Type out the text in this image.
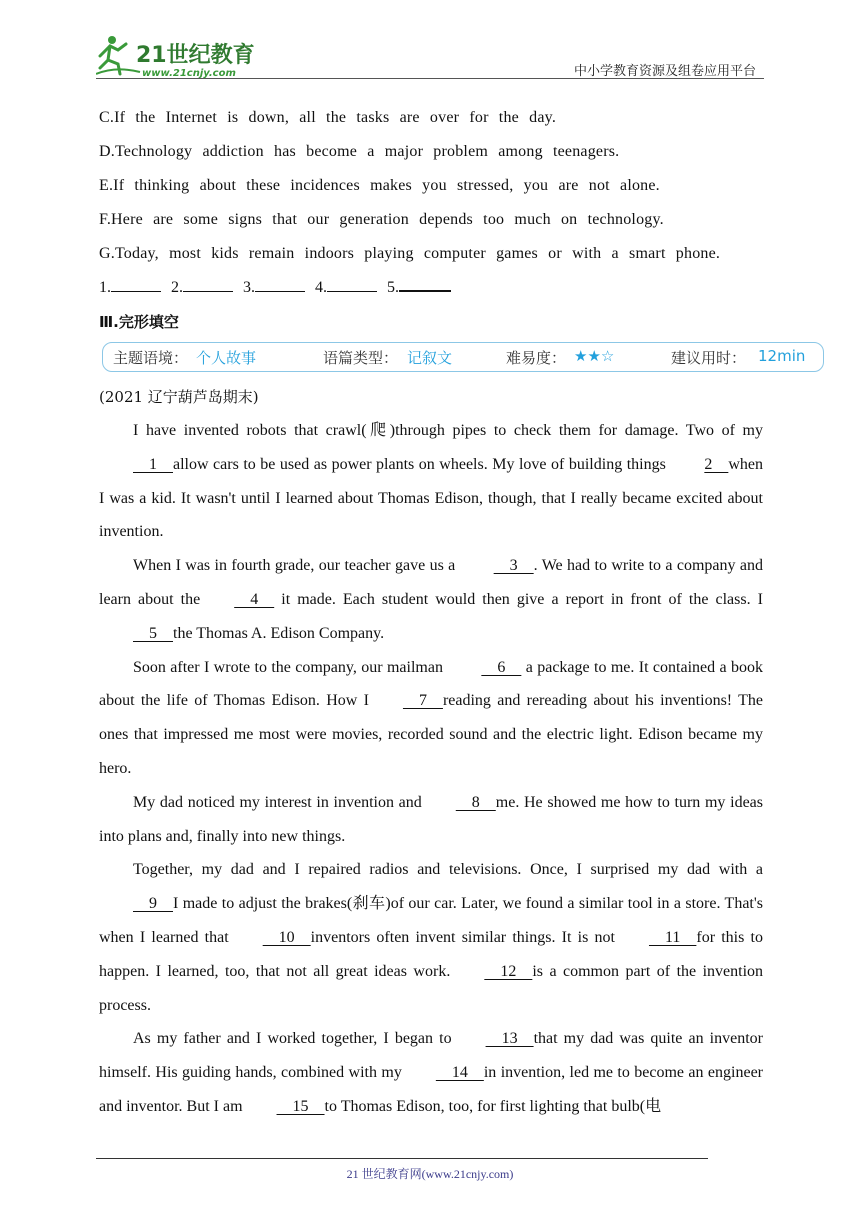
21世纪教育
www.21cnjy.com	中小学教育资源及组卷应用平台
C.If the Internet is down, all the tasks are over for the day.
D.Technology addiction has become a major problem among teenagers.
E.If thinking about these incidences makes you stressed, you are not alone.
F.Here are some signs that our generation depends too much on technology.
G.Today, most kids remain indoors playing computer games or with a smart phone.
1.	2.	3.	4.	5.
Ⅲ.完形填空
主题语境： 个人故事	语篇类型： 记叙文	难易度： ★★☆	建议用时： 12min
(2021 辽宁葫芦岛期末)

I have invented robots that crawl(爬)through pipes to check them for damage. Two of my    1    allow cars to be used as power plants on wheels. My love of building things 2    when I was a kid. It wasn't until I learned about Thomas Edison, though, that I really became excited about invention.

When I was in fourth grade, our teacher gave us a     3    . We had to write to a company and learn about the    4     it made. Each student would then give a report in front of the class. I    5    the Thomas A. Edison Company.

Soon after I wrote to the company, our mailman     6     a package to me. It contained a book about the life of Thomas Edison. How I    7    reading and rereading about his inventions! The ones that impressed me most were movies, recorded sound and the electric light. Edison became my hero.

My dad noticed my interest in invention and    8    me. He showed me how to turn my ideas into plans and, finally into new things.

Together, my dad and I repaired radios and televisions. Once, I surprised my dad with a    9    I made to adjust the brakes(刹车)of our car. Later, we found a similar tool in a store. That's when I learned that    10    inventors often invent similar things. It is not    11    for this to happen. I learned, too, that not all great ideas work.    12    is a common part of the invention process.

As my father and I worked together, I began to    13    that my dad was quite an inventor himself. His guiding hands, combined with my    14    in invention, led me to become an engineer and inventor. But I am    15    to Thomas Edison, too, for first lighting that bulb(电

21 世纪教育网(www.21cnjy.com)
